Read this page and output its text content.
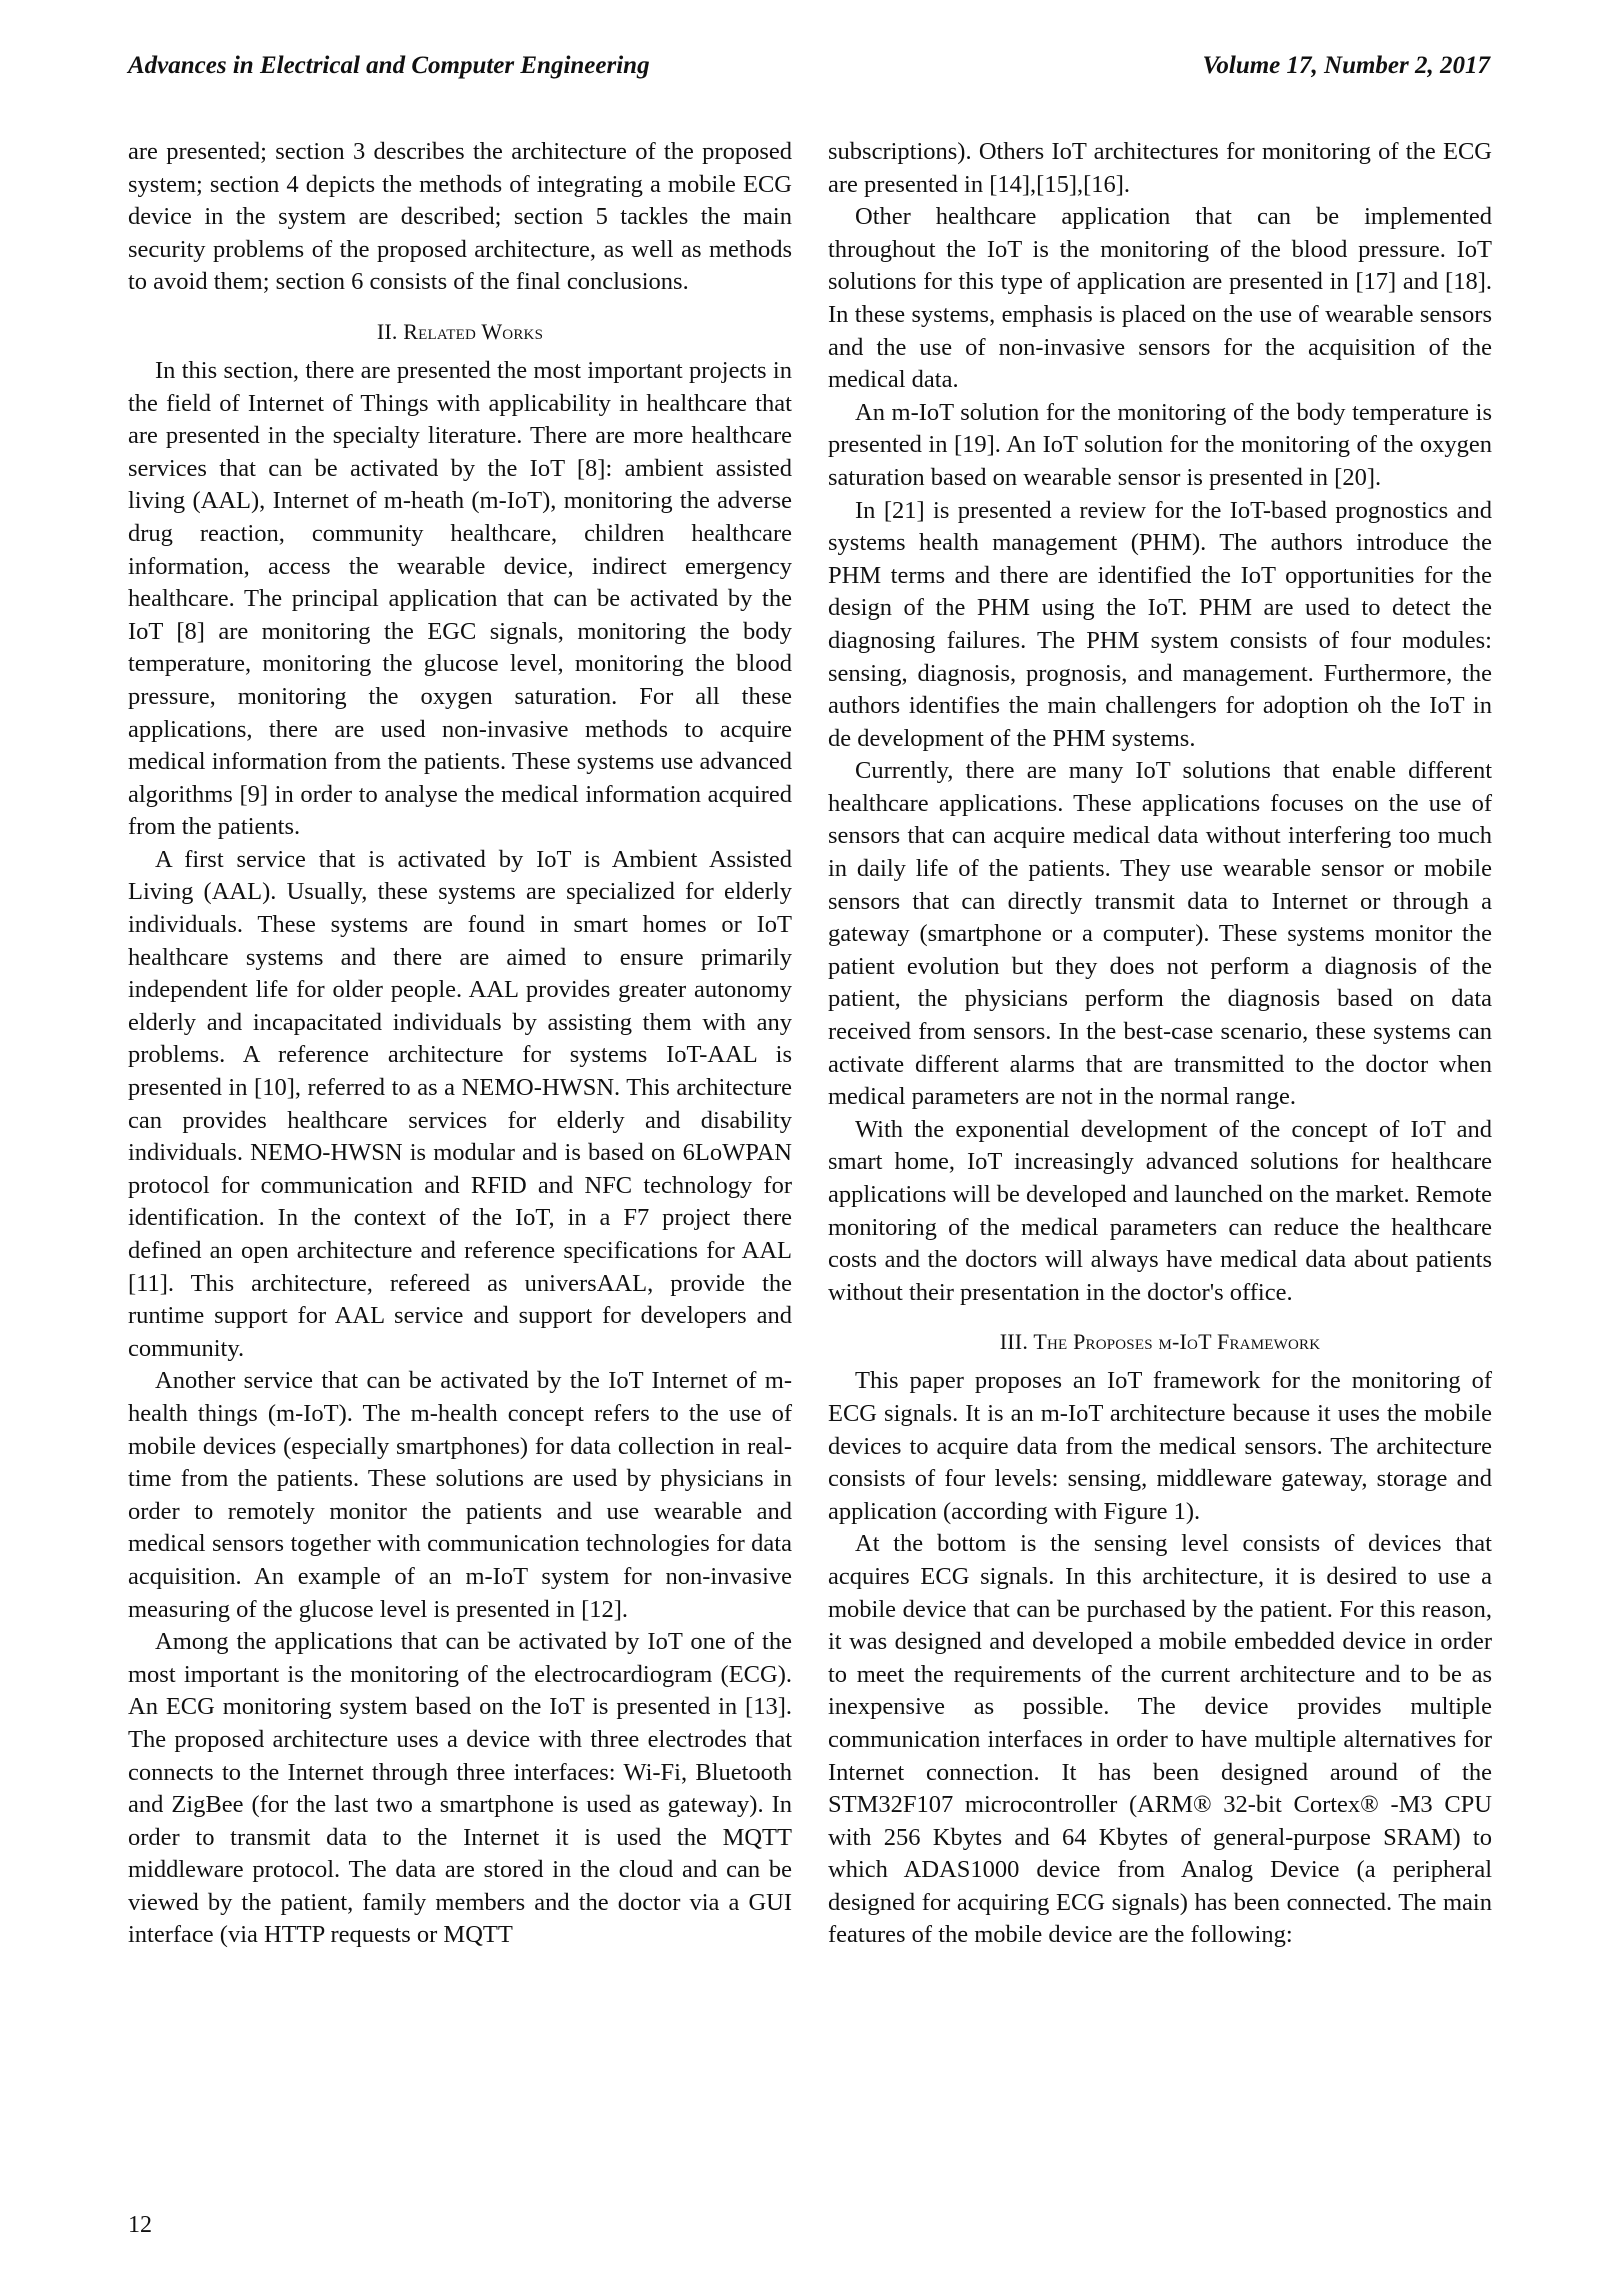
Advances in Electrical and Computer Engineering	Volume 17, Number 2, 2017

are presented; section 3 describes the architecture of the proposed system; section 4 depicts the methods of integrating a mobile ECG device in the system are described; section 5 tackles the main security problems of the proposed architecture, as well as methods to avoid them; section 6 consists of the final conclusions.

II. Related Works

In this section, there are presented the most important projects in the field of Internet of Things with applicability in healthcare that are presented in the specialty literature. There are more healthcare services that can be activated by the IoT [8]: ambient assisted living (AAL), Internet of m-heath (m-IoT), monitoring the adverse drug reaction, community healthcare, children healthcare information, access the wearable device, indirect emergency healthcare. The principal application that can be activated by the IoT [8] are monitoring the EGC signals, monitoring the body temperature, monitoring the glucose level, monitoring the blood pressure, monitoring the oxygen saturation. For all these applications, there are used non-invasive methods to acquire medical information from the patients. These systems use advanced algorithms [9] in order to analyse the medical information acquired from the patients.

A first service that is activated by IoT is Ambient Assisted Living (AAL). Usually, these systems are specialized for elderly individuals. These systems are found in smart homes or IoT healthcare systems and there are aimed to ensure primarily independent life for older people. AAL provides greater autonomy elderly and incapacitated individuals by assisting them with any problems. A reference architecture for systems IoT-AAL is presented in [10], referred to as a NEMO-HWSN. This architecture can provides healthcare services for elderly and disability individuals. NEMO-HWSN is modular and is based on 6LoWPAN protocol for communication and RFID and NFC technology for identification. In the context of the IoT, in a F7 project there defined an open architecture and reference specifications for AAL [11]. This architecture, refereed as universAAL, provide the runtime support for AAL service and support for developers and community.

Another service that can be activated by the IoT Internet of m-health things (m-IoT). The m-health concept refers to the use of mobile devices (especially smartphones) for data collection in real-time from the patients. These solutions are used by physicians in order to remotely monitor the patients and use wearable and medical sensors together with communication technologies for data acquisition. An example of an m-IoT system for non-invasive measuring of the glucose level is presented in [12].

Among the applications that can be activated by IoT one of the most important is the monitoring of the electrocardiogram (ECG). An ECG monitoring system based on the IoT is presented in [13]. The proposed architecture uses a device with three electrodes that connects to the Internet through three interfaces: Wi-Fi, Bluetooth and ZigBee (for the last two a smartphone is used as gateway). In order to transmit data to the Internet it is used the MQTT middleware protocol. The data are stored in the cloud and can be viewed by the patient, family members and the doctor via a GUI interface (via HTTP requests or MQTT

subscriptions). Others IoT architectures for monitoring of the ECG are presented in [14],[15],[16].

Other healthcare application that can be implemented throughout the IoT is the monitoring of the blood pressure. IoT solutions for this type of application are presented in [17] and [18]. In these systems, emphasis is placed on the use of wearable sensors and the use of non-invasive sensors for the acquisition of the medical data.

An m-IoT solution for the monitoring of the body temperature is presented in [19]. An IoT solution for the monitoring of the oxygen saturation based on wearable sensor is presented in [20].

In [21] is presented a review for the IoT-based prognostics and systems health management (PHM). The authors introduce the PHM terms and there are identified the IoT opportunities for the design of the PHM using the IoT. PHM are used to detect the diagnosing failures. The PHM system consists of four modules: sensing, diagnosis, prognosis, and management. Furthermore, the authors identifies the main challengers for adoption oh the IoT in de development of the PHM systems.

Currently, there are many IoT solutions that enable different healthcare applications. These applications focuses on the use of sensors that can acquire medical data without interfering too much in daily life of the patients. They use wearable sensor or mobile sensors that can directly transmit data to Internet or through a gateway (smartphone or a computer). These systems monitor the patient evolution but they does not perform a diagnosis of the patient, the physicians perform the diagnosis based on data received from sensors. In the best-case scenario, these systems can activate different alarms that are transmitted to the doctor when medical parameters are not in the normal range.

With the exponential development of the concept of IoT and smart home, IoT increasingly advanced solutions for healthcare applications will be developed and launched on the market. Remote monitoring of the medical parameters can reduce the healthcare costs and the doctors will always have medical data about patients without their presentation in the doctor's office.

III. The Proposes m-IoT Framework

This paper proposes an IoT framework for the monitoring of ECG signals. It is an m-IoT architecture because it uses the mobile devices to acquire data from the medical sensors. The architecture consists of four levels: sensing, middleware gateway, storage and application (according with Figure 1).

At the bottom is the sensing level consists of devices that acquires ECG signals. In this architecture, it is desired to use a mobile device that can be purchased by the patient. For this reason, it was designed and developed a mobile embedded device in order to meet the requirements of the current architecture and to be as inexpensive as possible. The device provides multiple communication interfaces in order to have multiple alternatives for Internet connection. It has been designed around of the STM32F107 microcontroller (ARM® 32-bit Cortex® -M3 CPU with 256 Kbytes and 64 Kbytes of general-purpose SRAM) to which ADAS1000 device from Analog Device (a peripheral designed for acquiring ECG signals) has been connected. The main features of the mobile device are the following:

12
